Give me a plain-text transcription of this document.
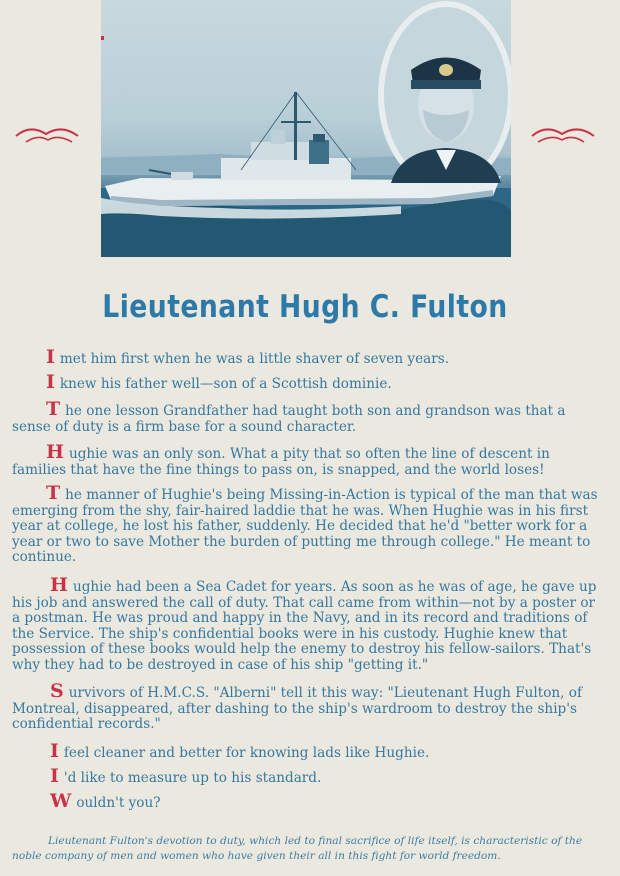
Lieutenant Hugh C. Fulton

I met him first when he was a little shaver of seven years.

I knew his father well—son of a Scottish dominie.

T he one lesson Grandfather had taught both son and grandson was that a sense of duty is a firm base for a sound character.

H ughie was an only son. What a pity that so often the line of descent in families that have the fine things to pass on, is snapped, and the world loses!

T he manner of Hughie's being Missing-in-Action is typical of the man that was emerging from the shy, fair-haired laddie that he was. When Hughie was in his first year at college, he lost his father, suddenly. He decided that he'd "better work for a year or two to save Mother the burden of putting me through college." He meant to continue.

H ughie had been a Sea Cadet for years. As soon as he was of age, he gave up his job and answered the call of duty. That call came from within—not by a poster or a postman. He was proud and happy in the Navy, and in its record and traditions of the Service. The ship's confidential books were in his custody. Hughie knew that possession of these books would help the enemy to destroy his fellow-sailors. That's why they had to be destroyed in case of his ship "getting it."

S urvivors of H.M.C.S. "Alberni" tell it this way: "Lieutenant Hugh Fulton, of Montreal, disappeared, after dashing to the ship's wardroom to destroy the ship's confidential records."

I feel cleaner and better for knowing lads like Hughie.

I 'd like to measure up to his standard.

W ouldn't you?

Lieutenant Fulton's devotion to duty, which led to final sacrifice of life itself, is characteristic of the noble company of men and women who have given their all in this fight for world freedom.
